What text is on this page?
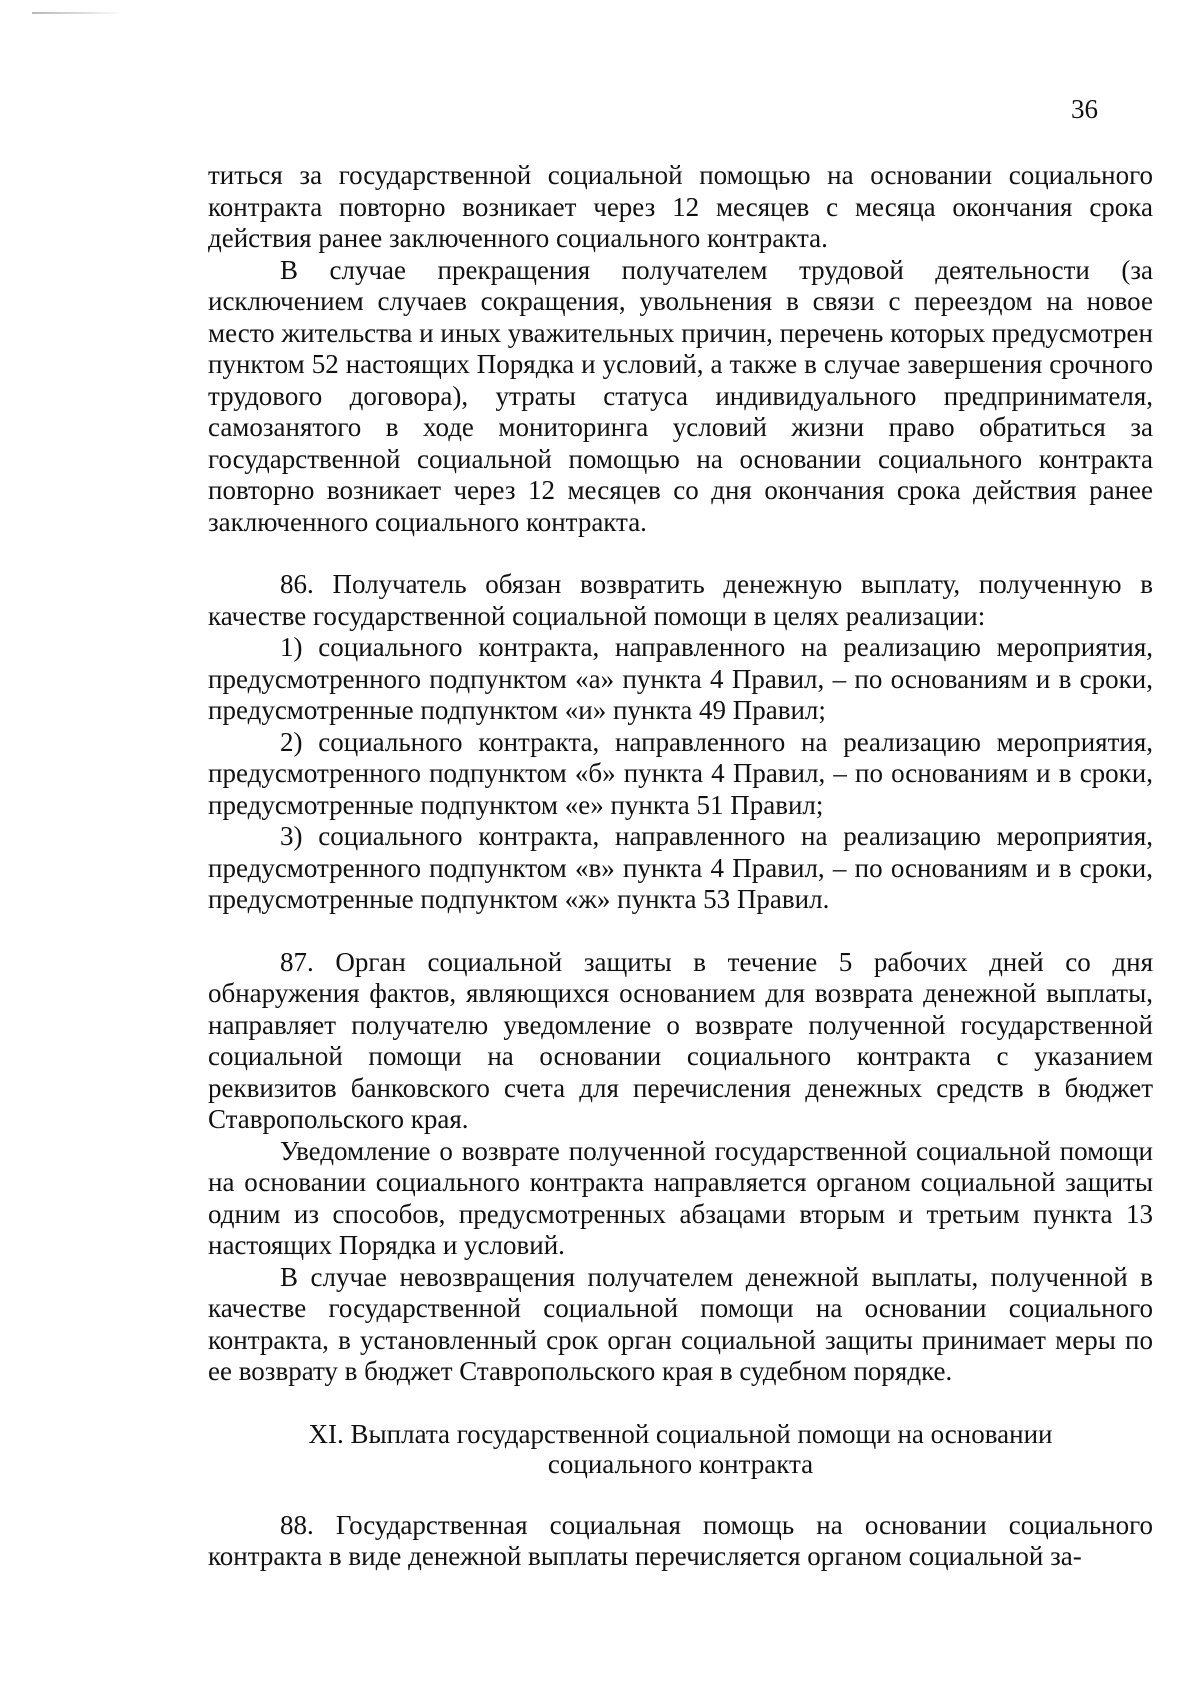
36

титься за государственной социальной помощью на основании социального контракта повторно возникает через 12 месяцев с месяца окончания срока действия ранее заключенного социального контракта.

В случае прекращения получателем трудовой деятельности (за исключением случаев сокращения, увольнения в связи с переездом на новое место жительства и иных уважительных причин, перечень которых предусмотрен пунктом 52 настоящих Порядка и условий, а также в случае завершения срочного трудового договора), утраты статуса индивидуального предпринимателя, самозанятого в ходе мониторинга условий жизни право обратиться за государственной социальной помощью на основании социального контракта повторно возникает через 12 месяцев со дня окончания срока действия ранее заключенного социального контракта.

86. Получатель обязан возвратить денежную выплату, полученную в качестве государственной социальной помощи в целях реализации:

1) социального контракта, направленного на реализацию мероприятия, предусмотренного подпунктом «а» пункта 4 Правил, – по основаниям и в сроки, предусмотренные подпунктом «и» пункта 49 Правил;

2) социального контракта, направленного на реализацию мероприятия, предусмотренного подпунктом «б» пункта 4 Правил, – по основаниям и в сроки, предусмотренные подпунктом «е» пункта 51 Правил;

3) социального контракта, направленного на реализацию мероприятия, предусмотренного подпунктом «в» пункта 4 Правил, – по основаниям и в сроки, предусмотренные подпунктом «ж» пункта 53 Правил.

87. Орган социальной защиты в течение 5 рабочих дней со дня обнаружения фактов, являющихся основанием для возврата денежной выплаты, направляет получателю уведомление о возврате полученной государственной социальной помощи на основании социального контракта с указанием реквизитов банковского счета для перечисления денежных средств в бюджет Ставропольского края.

Уведомление о возврате полученной государственной социальной помощи на основании социального контракта направляется органом социальной защиты одним из способов, предусмотренных абзацами вторым и третьим пункта 13 настоящих Порядка и условий.

В случае невозвращения получателем денежной выплаты, полученной в качестве государственной социальной помощи на основании социального контракта, в установленный срок орган социальной защиты принимает меры по ее возврату в бюджет Ставропольского края в судебном порядке.

XI. Выплата государственной социальной помощи на основании
социального контракта

88. Государственная социальная помощь на основании социального контракта в виде денежной выплаты перечисляется органом социальной за-
